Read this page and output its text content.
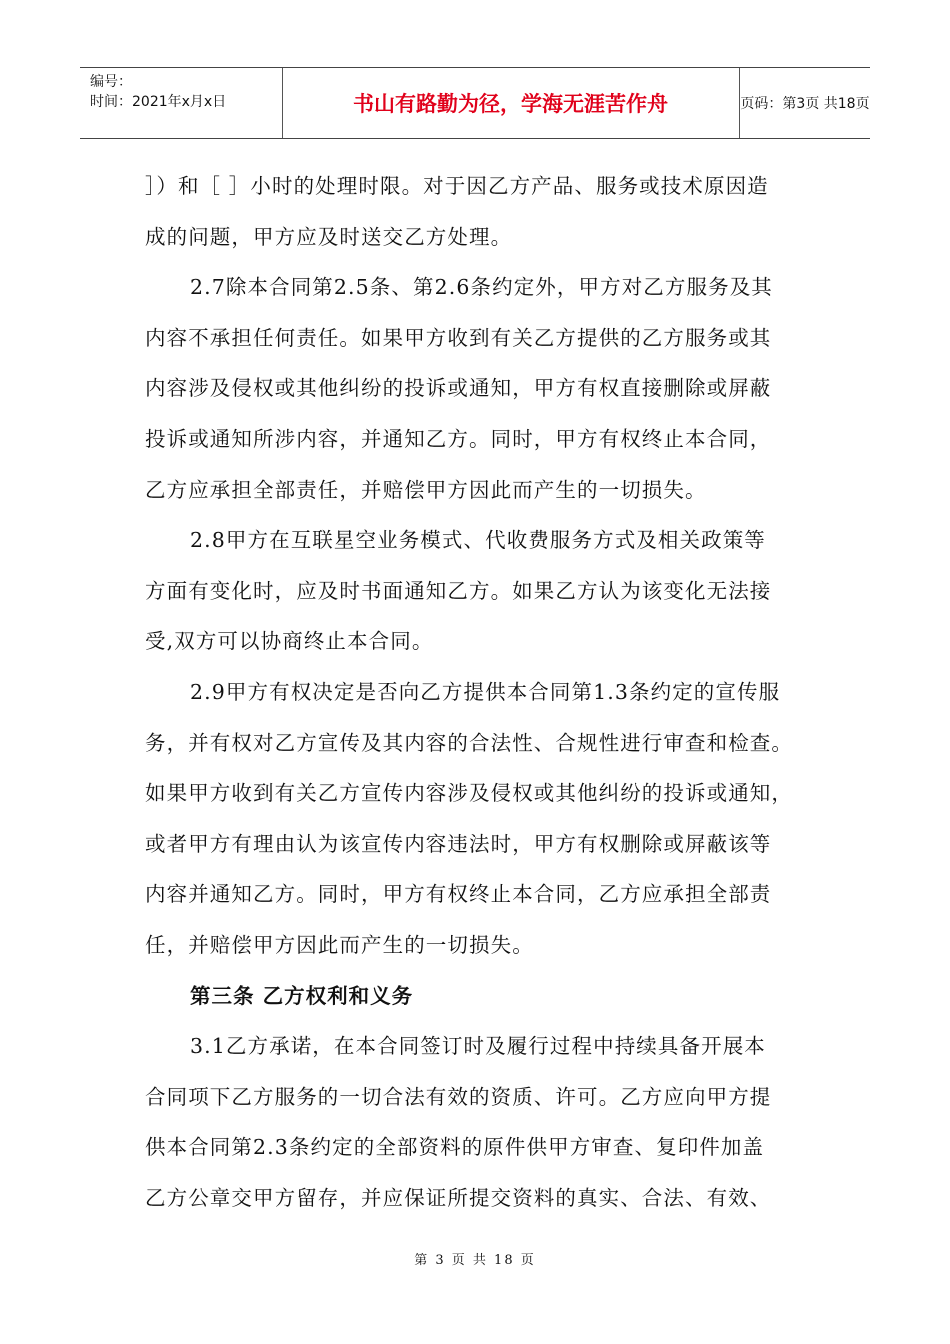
编号：
时间：2021年x月x日	书山有路勤为径，学海无涯苦作舟	页码：第3页 共18页
］）和［ ］小时的处理时限。对于因乙方产品、服务或技术原因造
成的问题，甲方应及时送交乙方处理。
2.7除本合同第2.5条、第2.6条约定外，甲方对乙方服务及其
内容不承担任何责任。如果甲方收到有关乙方提供的乙方服务或其
内容涉及侵权或其他纠纷的投诉或通知，甲方有权直接删除或屏蔽
投诉或通知所涉内容，并通知乙方。同时，甲方有权终止本合同，
乙方应承担全部责任，并赔偿甲方因此而产生的一切损失。
2.8甲方在互联星空业务模式、代收费服务方式及相关政策等
方面有变化时，应及时书面通知乙方。如果乙方认为该变化无法接
受,双方可以协商终止本合同。
2.9甲方有权决定是否向乙方提供本合同第1.3条约定的宣传服
务，并有权对乙方宣传及其内容的合法性、合规性进行审查和检查。
如果甲方收到有关乙方宣传内容涉及侵权或其他纠纷的投诉或通知，
或者甲方有理由认为该宣传内容违法时，甲方有权删除或屏蔽该等
内容并通知乙方。同时，甲方有权终止本合同，乙方应承担全部责
任，并赔偿甲方因此而产生的一切损失。
第三条 乙方权利和义务
3.1乙方承诺，在本合同签订时及履行过程中持续具备开展本
合同项下乙方服务的一切合法有效的资质、许可。乙方应向甲方提
供本合同第2.3条约定的全部资料的原件供甲方审查、复印件加盖
乙方公章交甲方留存，并应保证所提交资料的真实、合法、有效、
第 3 页 共 18 页
